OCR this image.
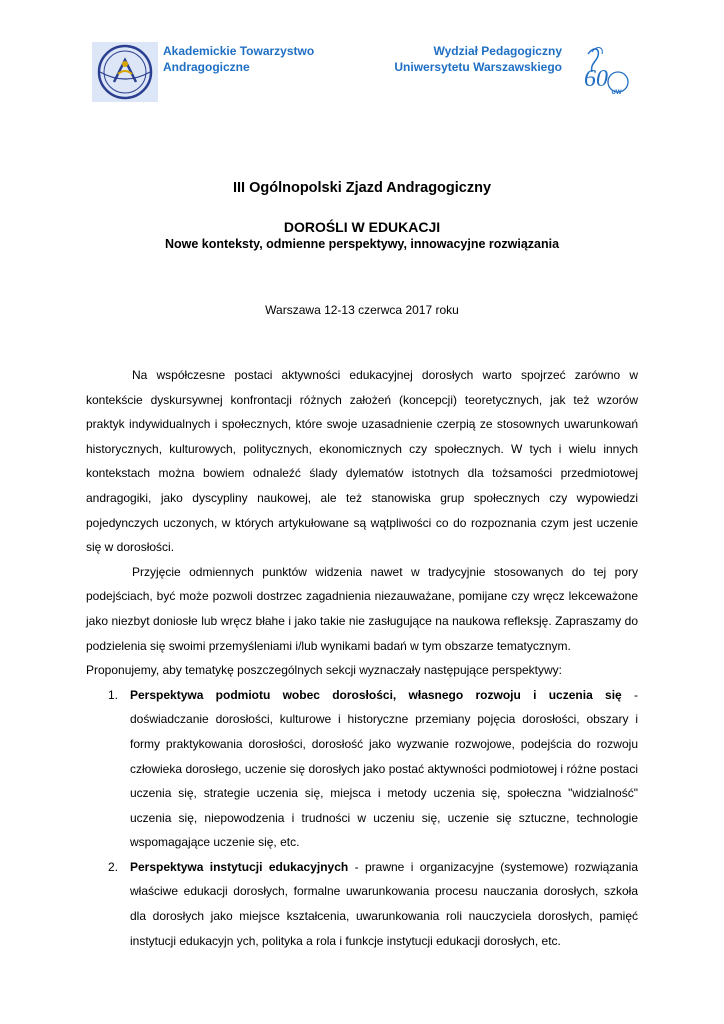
Akademickie Towarzystwo
Andragogiczne
Wydział Pedagogiczny
Uniwersytetu Warszawskiego 60
UW
III Ogólnopolski Zjazd Andragogiczny
DOROŚLI W EDUKACJI
Nowe konteksty, odmienne perspektywy, innowacyjne rozwiązania
Warszawa 12-13 czerwca 2017 roku

Na współczesne postaci aktywności edukacyjnej dorosłych warto spojrzeć zarówno w kontekście dyskursywnej konfrontacji różnych założeń (koncepcji) teoretycznych, jak też wzorów praktyk indywidualnych i społecznych, które swoje uzasadnienie czerpią ze stosownych uwarunkowań historycznych, kulturowych, politycznych, ekonomicznych czy społecznych. W tych i wielu innych kontekstach można bowiem odnaleźć ślady dylematów istotnych dla tożsamości przedmiotowej andragogiki, jako dyscypliny naukowej, ale też stanowiska grup społecznych czy wypowiedzi pojedynczych uczonych, w których artykułowane są wątpliwości co do rozpoznania czym jest uczenie się w dorosłości.

Przyjęcie odmiennych punktów widzenia nawet w tradycyjnie stosowanych do tej pory podejściach, być może pozwoli dostrzec zagadnienia niezauważane, pomijane czy wręcz lekceważone jako niezbyt doniosłe lub wręcz błahe i jako takie nie zasługujące na naukowa refleksję. Zapraszamy do podzielenia się swoimi przemyśleniami i/lub wynikami badań w tym obszarze tematycznym.

Proponujemy, aby tematykę poszczególnych sekcji wyznaczały następujące perspektywy:

1. Perspektywa podmiotu wobec dorosłości, własnego rozwoju i uczenia się - doświadczanie dorosłości, kulturowe i historyczne przemiany pojęcia dorosłości, obszary i formy praktykowania dorosłości, dorosłość jako wyzwanie rozwojowe, podejścia do rozwoju człowieka dorosłego, uczenie się dorosłych jako postać aktywności podmiotowej i różne postaci uczenia się, strategie uczenia się, miejsca i metody uczenia się, społeczna "widzialność" uczenia się, niepowodzenia i trudności w uczeniu się, uczenie się sztuczne, technologie wspomagające uczenie się, etc.
2. Perspektywa instytucji edukacyjnych - prawne i organizacyjne (systemowe) rozwiązania właściwe edukacji dorosłych, formalne uwarunkowania procesu nauczania dorosłych, szkoła dla dorosłych jako miejsce kształcenia, uwarunkowania roli nauczyciela dorosłych, pamięć instytucji edukacyjn ych, polityka a rola i funkcje instytucji edukacji dorosłych, etc.
